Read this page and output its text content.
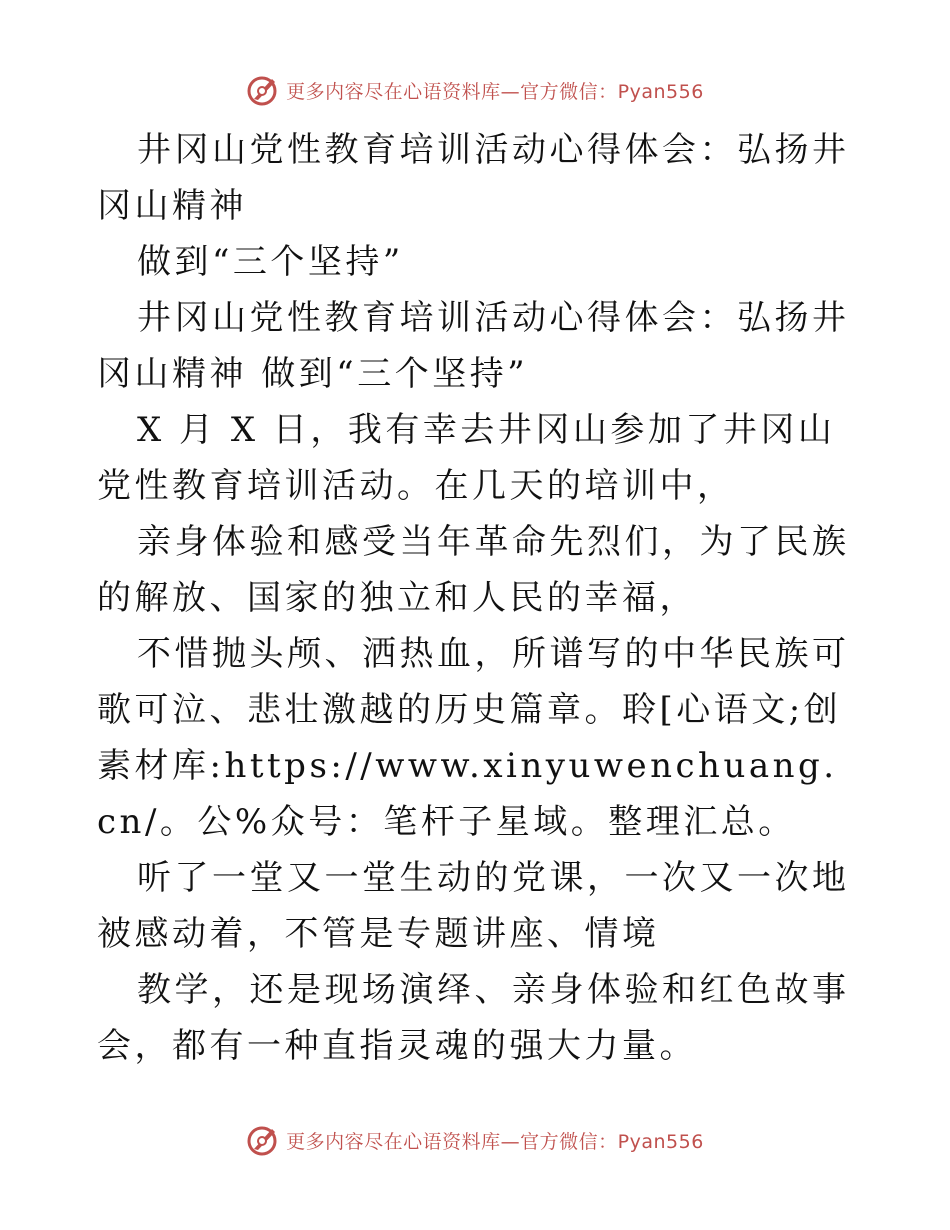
更多内容尽在心语资料库—官方微信：Pyan556

井冈山党性教育培训活动心得体会：弘扬井冈山精神

做到“三个坚持”

井冈山党性教育培训活动心得体会：弘扬井冈山精神 做到“三个坚持”

X 月 X 日，我有幸去井冈山参加了井冈山党性教育培训活动。在几天的培训中，

亲身体验和感受当年革命先烈们，为了民族的解放、国家的独立和人民的幸福，

不惜抛头颅、洒热血，所谱写的中华民族可歌可泣、悲壮激越的历史篇章。聆[心语文;创素材库:https://www.xinyuwenchuang.cn/。公%众号：笔杆子星域。整理汇总。

听了一堂又一堂生动的党课，一次又一次地被感动着，不管是专题讲座、情境

教学，还是现场演绎、亲身体验和红色故事会，都有一种直指灵魂的强大力量。

更多内容尽在心语资料库—官方微信：Pyan556
